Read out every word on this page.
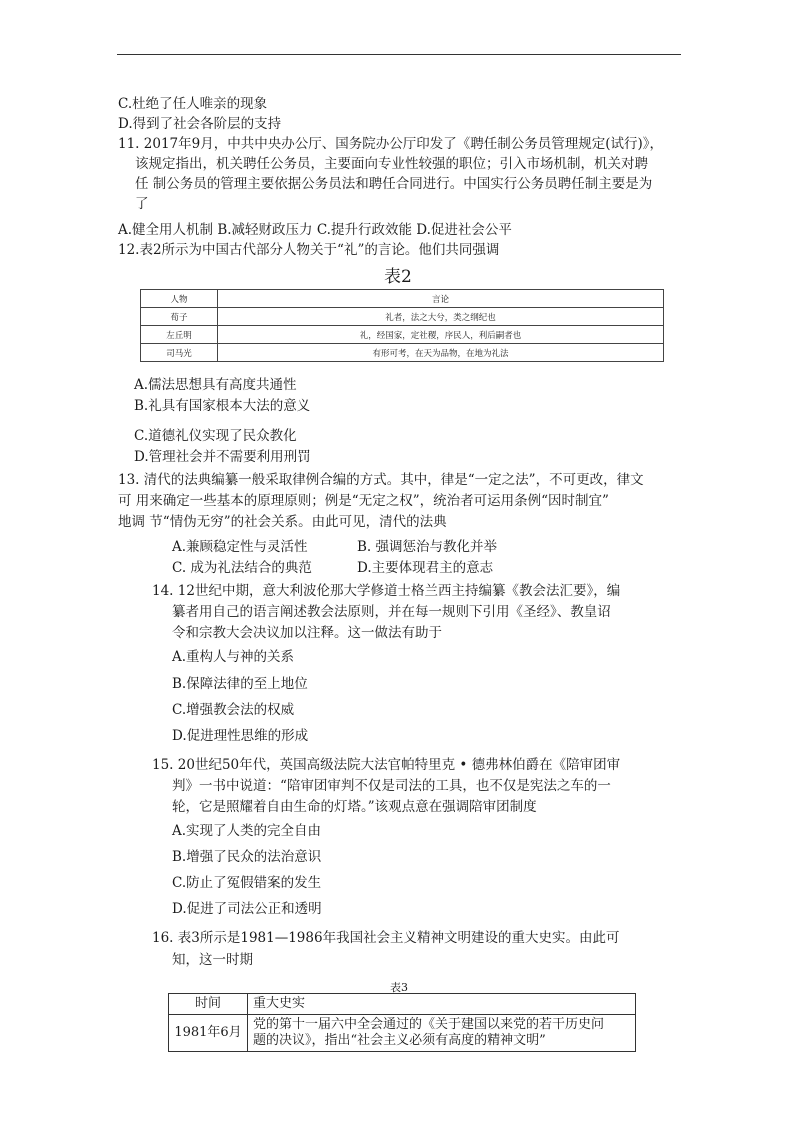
C.杜绝了任人唯亲的现象
D.得到了社会各阶层的支持
11. 2017年9月，中共中央办公厅、国务院办公厅印发了《聘任制公务员管理规定(试行)》，
该规定指出，机关聘任公务员，主要面向专业性较强的职位；引入市场机制，机关对聘
任 制公务员的管理主要依据公务员法和聘任合同进行。中国实行公务员聘任制主要是为
了
A.健全用人机制 B.减轻财政压力 C.提升行政效能 D.促进社会公平
12.表2所示为中国古代部分人物关于“礼”的言论。他们共同强调
表2
人物	言论
荀子	礼者，法之大兮，类之纲纪也
左丘明	礼，经国家，定社稷，序民人，利后嗣者也
司马光	有形可考，在天为品物，在地为礼法
A.儒法思想具有高度共通性
B.礼具有国家根本大法的意义
C.道德礼仪实现了民众教化
D.管理社会并不需要利用刑罚
13. 清代的法典编纂一般采取律例合编的方式。其中，律是“一定之法”，不可更改，律文
可 用来确定一些基本的原理原则；例是“无定之权”，统治者可运用条例“因时制宜”
地调 节“情伪无穷”的社会关系。由此可见，清代的法典
A.兼顾稳定性与灵活性	B. 强调惩治与教化并举
C. 成为礼法结合的典范	D.主要体现君主的意志
14. 12世纪中期，意大利波伦那大学修道士格兰西主持编纂《教会法汇要》，编
纂者用自己的语言阐述教会法原则，并在每一规则下引用《圣经》、教皇诏
令和宗教大会决议加以注释。这一做法有助于
A.重构人与神的关系
B.保障法律的至上地位
C.增强教会法的权威
D.促进理性思维的形成
15. 20世纪50年代，英国高级法院大法官帕特里克 • 德弗林伯爵在《陪审团审
判》一书中说道：“陪审团审判不仅是司法的工具，也不仅是宪法之车的一
轮，它是照耀着自由生命的灯塔。”该观点意在强调陪审团制度
A.实现了人类的完全自由
B.增强了民众的法治意识
C.防止了冤假错案的发生
D.促进了司法公正和透明
16. 表3所示是1981—1986年我国社会主义精神文明建设的重大史实。由此可
知，这一时期
表3
时间	重大史实
1981年6月	党的第十一届六中全会通过的《关于建国以来党的若干历史问
题的决议》，指出“社会主义必须有高度的精神文明”
